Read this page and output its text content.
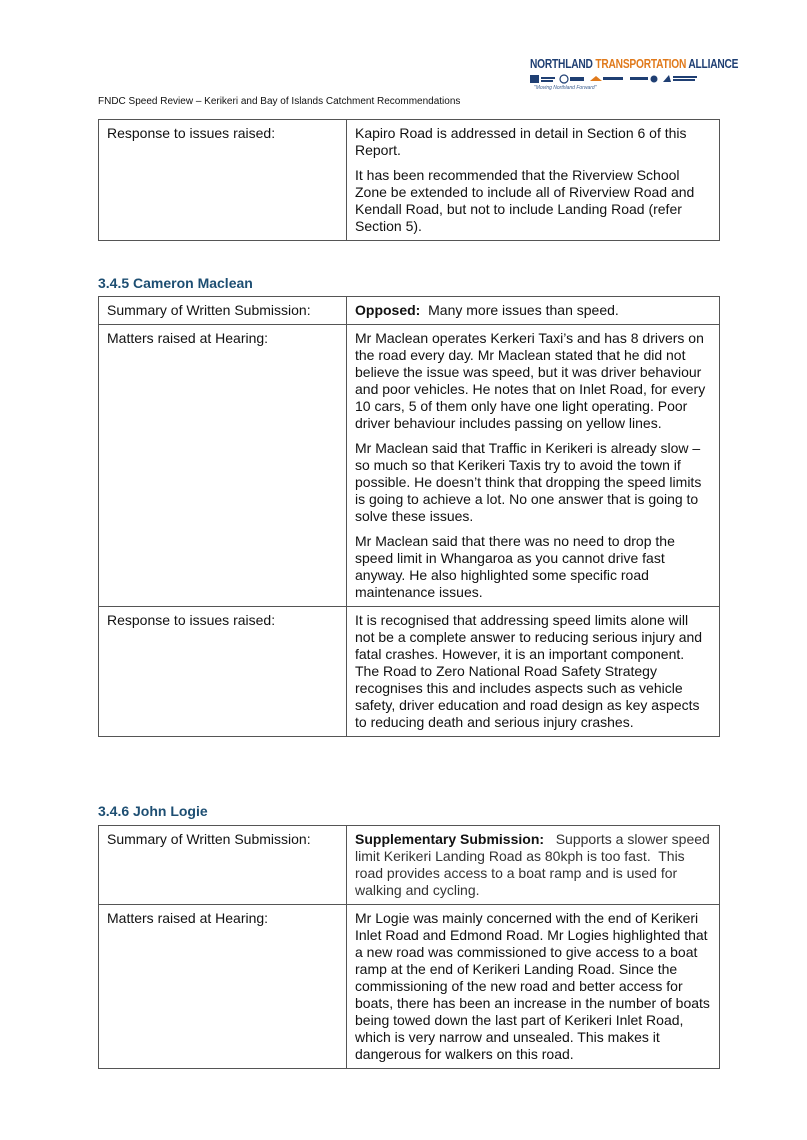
NORTHLAND TRANSPORTATION ALLIANCE
"Moving Northland Forward"
FNDC Speed Review – Kerikeri and Bay of Islands Catchment Recommendations
Response to issues raised:	Kapiro Road is addressed in detail in Section 6 of this Report.

It has been recommended that the Riverview School Zone be extended to include all of Riverview Road and Kendall Road, but not to include Landing Road (refer Section 5).

3.4.5 Cameron Maclean
Summary of Written Submission:	Opposed:  Many more issues than speed.
Matters raised at Hearing:	Mr Maclean operates Kerkeri Taxi’s and has 8 drivers on the road every day. Mr Maclean stated that he did not believe the issue was speed, but it was driver behaviour and poor vehicles. He notes that on Inlet Road, for every 10 cars, 5 of them only have one light operating. Poor driver behaviour includes passing on yellow lines.

Mr Maclean said that Traffic in Kerikeri is already slow – so much so that Kerikeri Taxis try to avoid the town if possible. He doesn’t think that dropping the speed limits is going to achieve a lot. No one answer that is going to solve these issues.

Mr Maclean said that there was no need to drop the speed limit in Whangaroa as you cannot drive fast anyway. He also highlighted some specific road maintenance issues.

Response to issues raised:	It is recognised that addressing speed limits alone will not be a complete answer to reducing serious injury and fatal crashes. However, it is an important component. The Road to Zero National Road Safety Strategy recognises this and includes aspects such as vehicle safety, driver education and road design as key aspects to reducing death and serious injury crashes.

3.4.6 John Logie
Summary of Written Submission:	Supplementary Submission:   Supports a slower speed limit Kerikeri Landing Road as 80kph is too fast.  This road provides access to a boat ramp and is used for walking and cycling.
Matters raised at Hearing:	Mr Logie was mainly concerned with the end of Kerikeri Inlet Road and Edmond Road. Mr Logies highlighted that a new road was commissioned to give access to a boat ramp at the end of Kerikeri Landing Road. Since the commissioning of the new road and better access for boats, there has been an increase in the number of boats being towed down the last part of Kerikeri Inlet Road, which is very narrow and unsealed. This makes it dangerous for walkers on this road.
